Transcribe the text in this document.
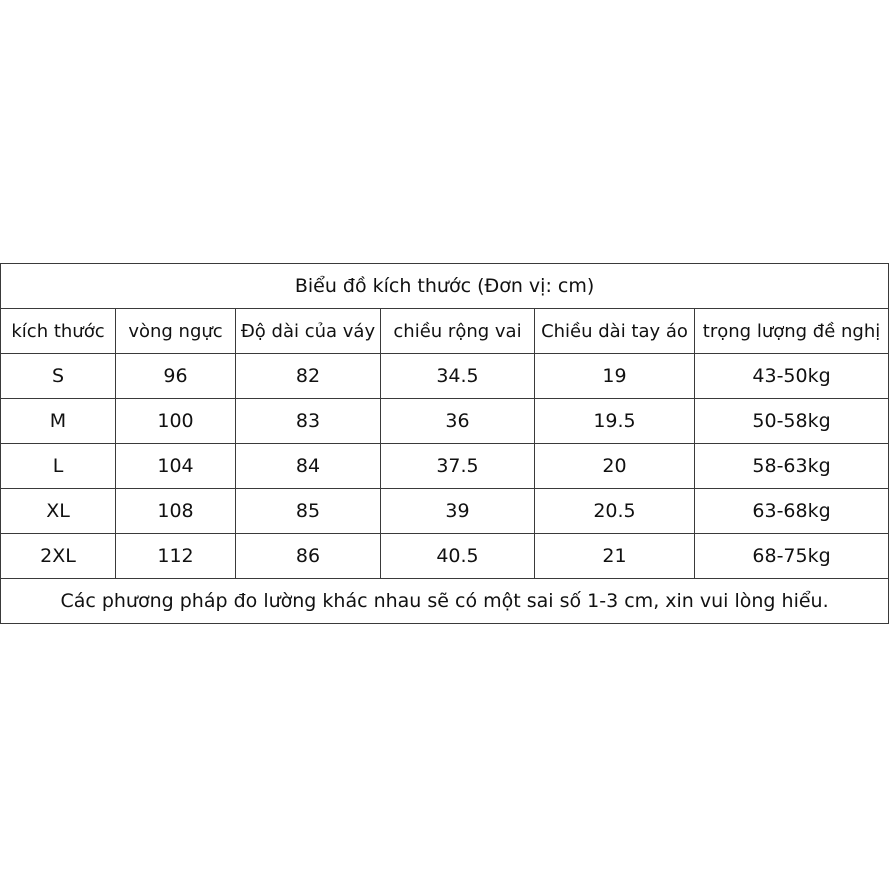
Biểu đồ kích thước (Đơn vị: cm)					
kích thước	vòng ngực	Độ dài của váy	chiều rộng vai	Chiều dài tay áo	trọng lượng đề nghị
S	96	82	34.5	19	43-50kg
M	100	83	36	19.5	50-58kg
L	104	84	37.5	20	58-63kg
XL	108	85	39	20.5	63-68kg
2XL	112	86	40.5	21	68-75kg
Các phương pháp đo lường khác nhau sẽ có một sai số 1-3 cm, xin vui lòng hiểu.					
